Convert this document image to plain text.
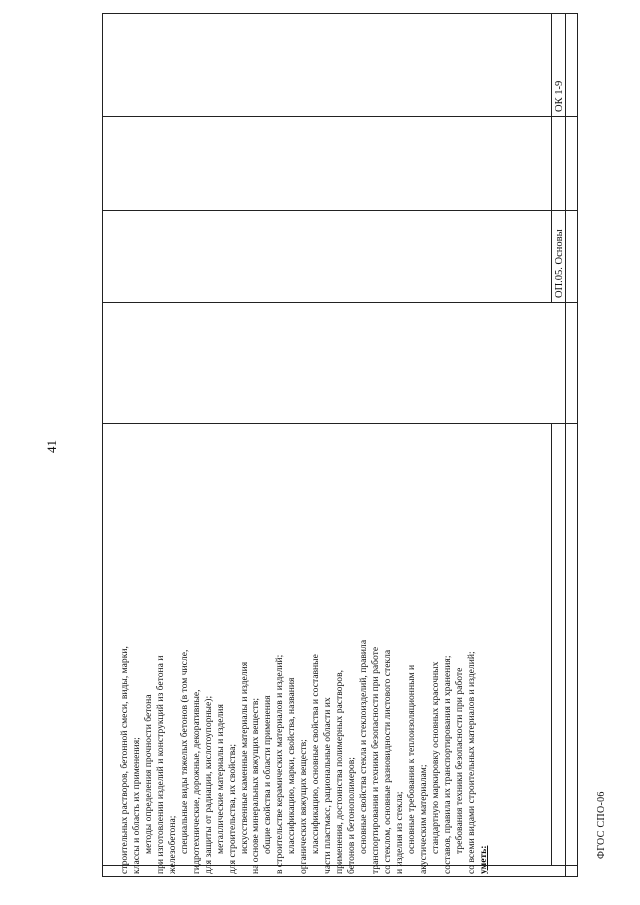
41
строительных растворов, бетонной смеси, виды, марки, классы и область их применения; методы определения прочности бетона при изготовлении изделий и конструкций из бетона и железобетона; специальные виды тяжелых бетонов (в том числе, гидротехнические, дорожные, декоративные, для защиты от радиации, кислотоупорные); металлические материалы и изделия для строительства, их свойства; искусственные каменные материалы и изделия на основе минеральных вяжущих веществ; общие свойства и области применения в строительстве керамических материалов и изделий; классификацию, марки, свойства, названия органических вяжущих веществ; классификацию, основные свойства и составные части пластмасс, рациональные области их применения, достоинства полимерных растворов, бетонов и бетонополимеров; основные свойства стекла и стеклоизделий, правила транспортирования и техники безопасности при работе со стеклом, основные разновидности листового стекла и изделия из стекла; основные требования к теплоизоляционным и акустическим материалам; стандартную маркировку основных красочных составов, правила их транспортирования и хранения; требования техники безопасности при работе со всеми видами строительных материалов и изделий; уметь:
ОП.05. Основы
ОК 1-9
ФГОС СПО-06
